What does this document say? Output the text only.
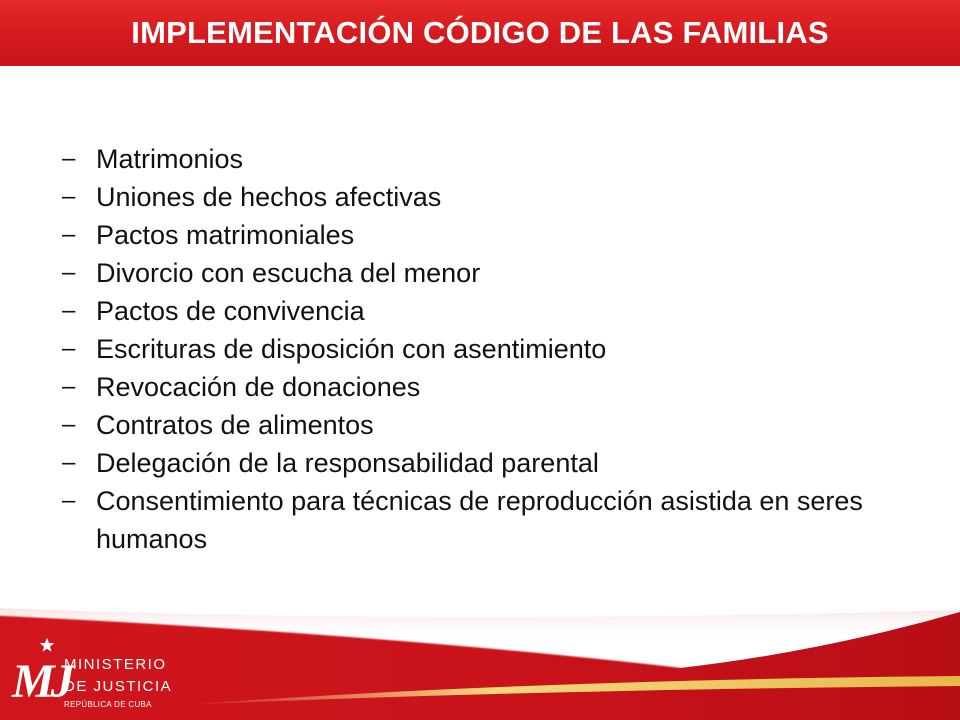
IMPLEMENTACIÓN CÓDIGO DE LAS FAMILIAS
– Matrimonios
– Uniones de hechos afectivas
– Pactos matrimoniales
– Divorcio con escucha del menor
– Pactos de convivencia
– Escrituras de disposición con asentimiento
– Revocación de donaciones
– Contratos de alimentos
– Delegación de la responsabilidad parental
– Consentimiento para técnicas de reproducción asistida en seres humanos
MJ
MINISTERIO
DE JUSTICIA
REPÚBLICA DE CUBA
